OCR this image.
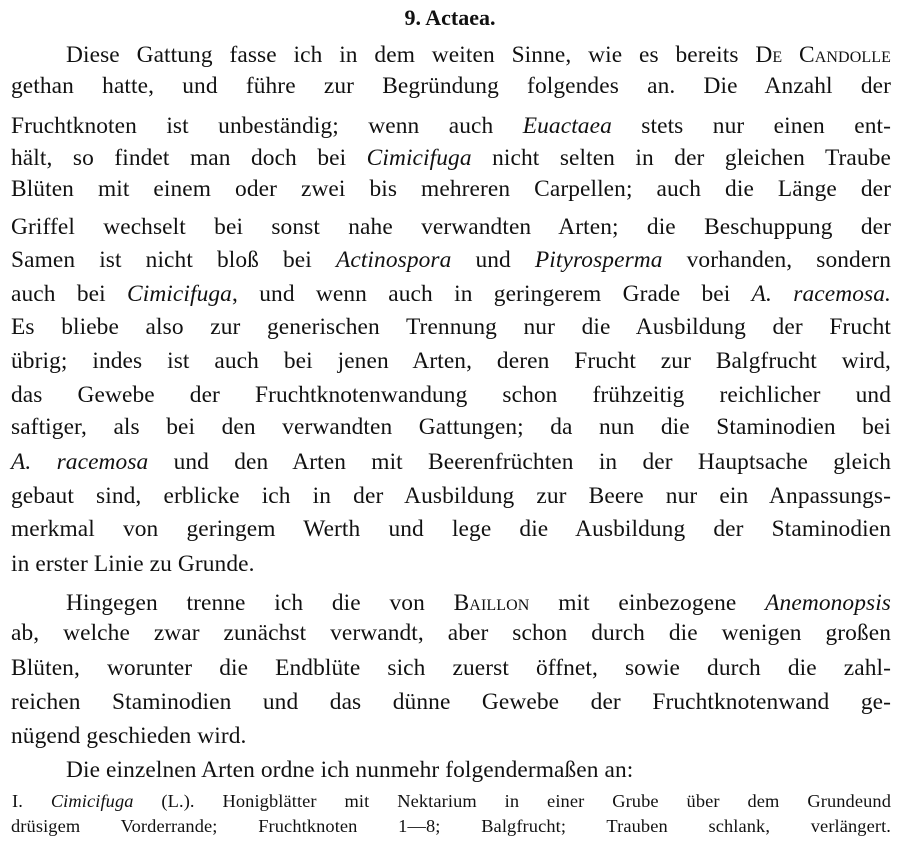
9. Actaea.
Diese Gattung fasse ich in dem weiten Sinne, wie es bereits De Candolle
gethan hatte, und führe zur Begründung folgendes an. Die Anzahl der
Fruchtknoten ist unbeständig; wenn auch Euactaea stets nur einen ent-
hält, so findet man doch bei Cimicifuga nicht selten in der gleichen Traube
Blüten mit einem oder zwei bis mehreren Carpellen; auch die Länge der
Griffel wechselt bei sonst nahe verwandten Arten; die Beschuppung der
Samen ist nicht bloß bei Actinospora und Pityrosperma vorhanden, sondern
auch bei Cimicifuga, und wenn auch in geringerem Grade bei A. racemosa.
Es bliebe also zur generischen Trennung nur die Ausbildung der Frucht
übrig; indes ist auch bei jenen Arten, deren Frucht zur Balgfrucht wird,
das Gewebe der Fruchtknotenwandung schon frühzeitig reichlicher und
saftiger, als bei den verwandten Gattungen; da nun die Staminodien bei
A. racemosa und den Arten mit Beerenfrüchten in der Hauptsache gleich
gebaut sind, erblicke ich in der Ausbildung zur Beere nur ein Anpassungs-
merkmal von geringem Werth und lege die Ausbildung der Staminodien
in erster Linie zu Grunde.
Hingegen trenne ich die von Baillon mit einbezogene Anemonopsis
ab, welche zwar zunächst verwandt, aber schon durch die wenigen großen
Blüten, worunter die Endblüte sich zuerst öffnet, sowie durch die zahl-
reichen Staminodien und das dünne Gewebe der Fruchtknotenwand ge-
nügend geschieden wird.
Die einzelnen Arten ordne ich nunmehr folgendermaßen an:
I. Cimicifuga (L.). Honigblätter mit Nektarium in einer Grube über dem Grundeund
drüsigem Vorderrande; Fruchtknoten 1—8; Balgfrucht; Trauben schlank, verlängert.
